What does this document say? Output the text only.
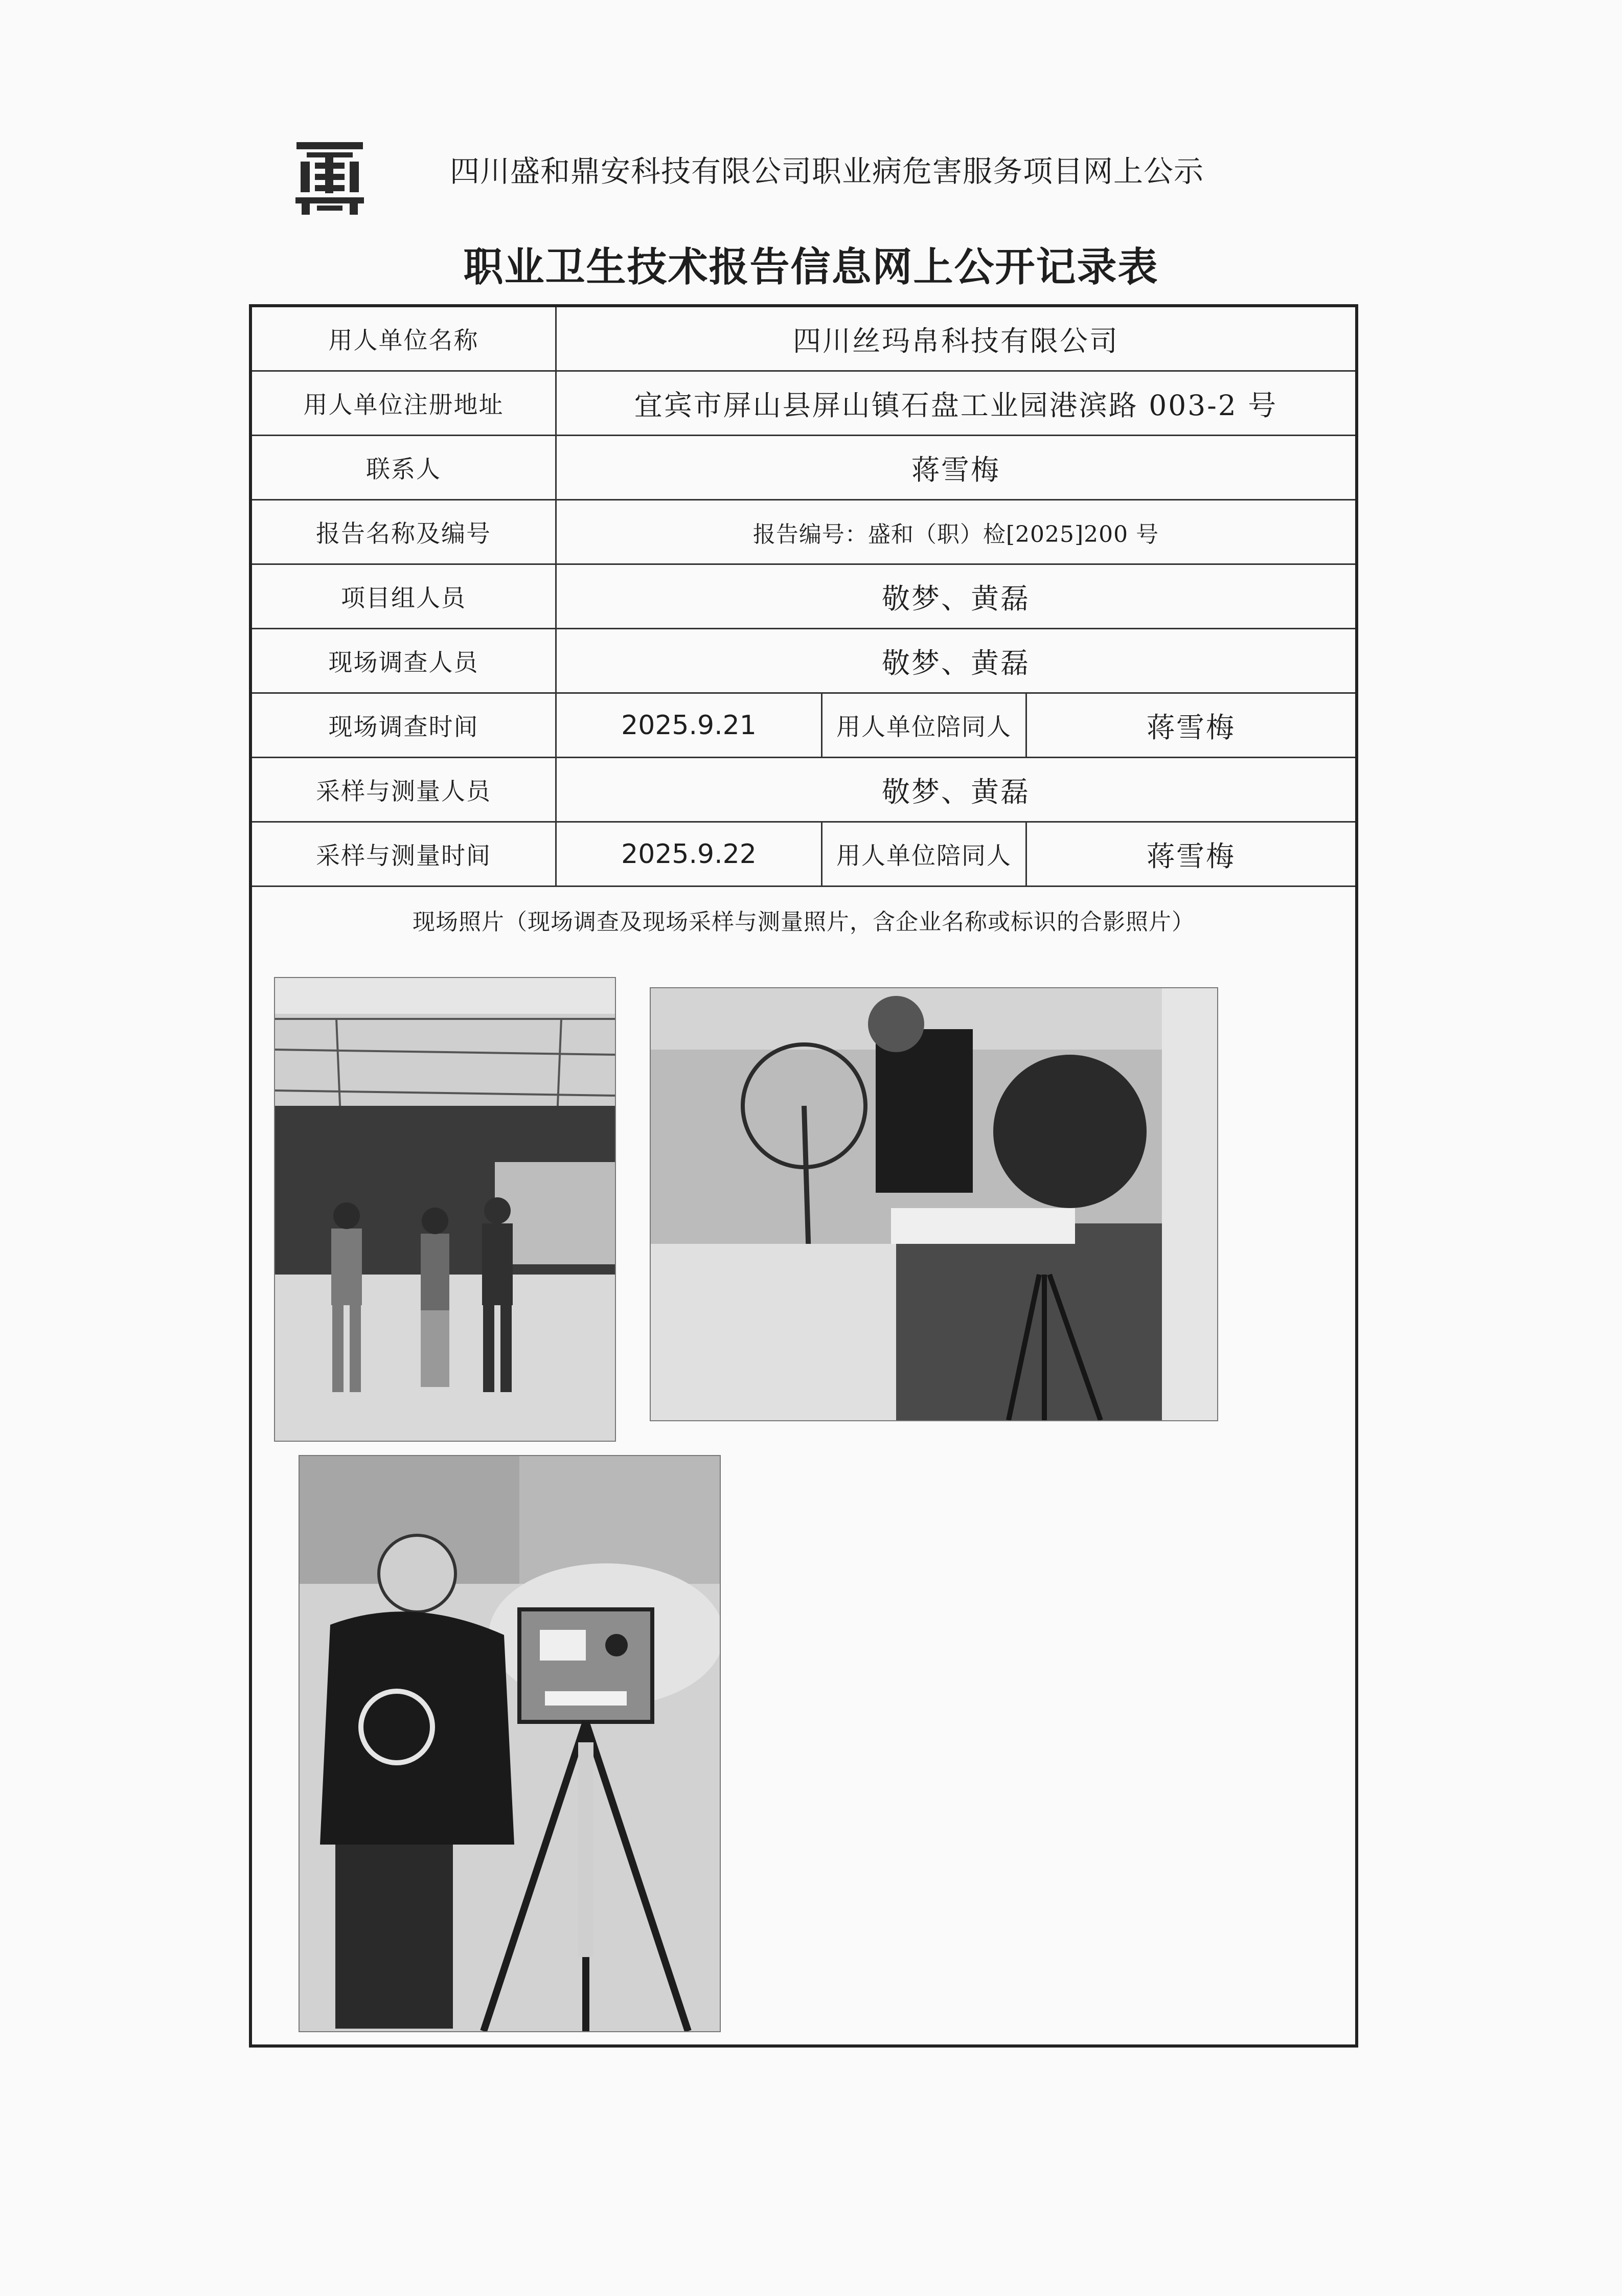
四川盛和鼎安科技有限公司职业病危害服务项目网上公示
职业卫生技术报告信息网上公开记录表
用人单位名称	四川丝玛帛科技有限公司
用人单位注册地址	宜宾市屏山县屏山镇石盘工业园港滨路 003-2 号
联系人	蒋雪梅
报告名称及编号	报告编号：盛和（职）检[2025]200 号
项目组人员	敬梦、黄磊
现场调查人员	敬梦、黄磊
现场调查时间	2025.9.21	用人单位陪同人	蒋雪梅
采样与测量人员	敬梦、黄磊
采样与测量时间	2025.9.22	用人单位陪同人	蒋雪梅
现场照片（现场调查及现场采样与测量照片，含企业名称或标识的合影照片）
